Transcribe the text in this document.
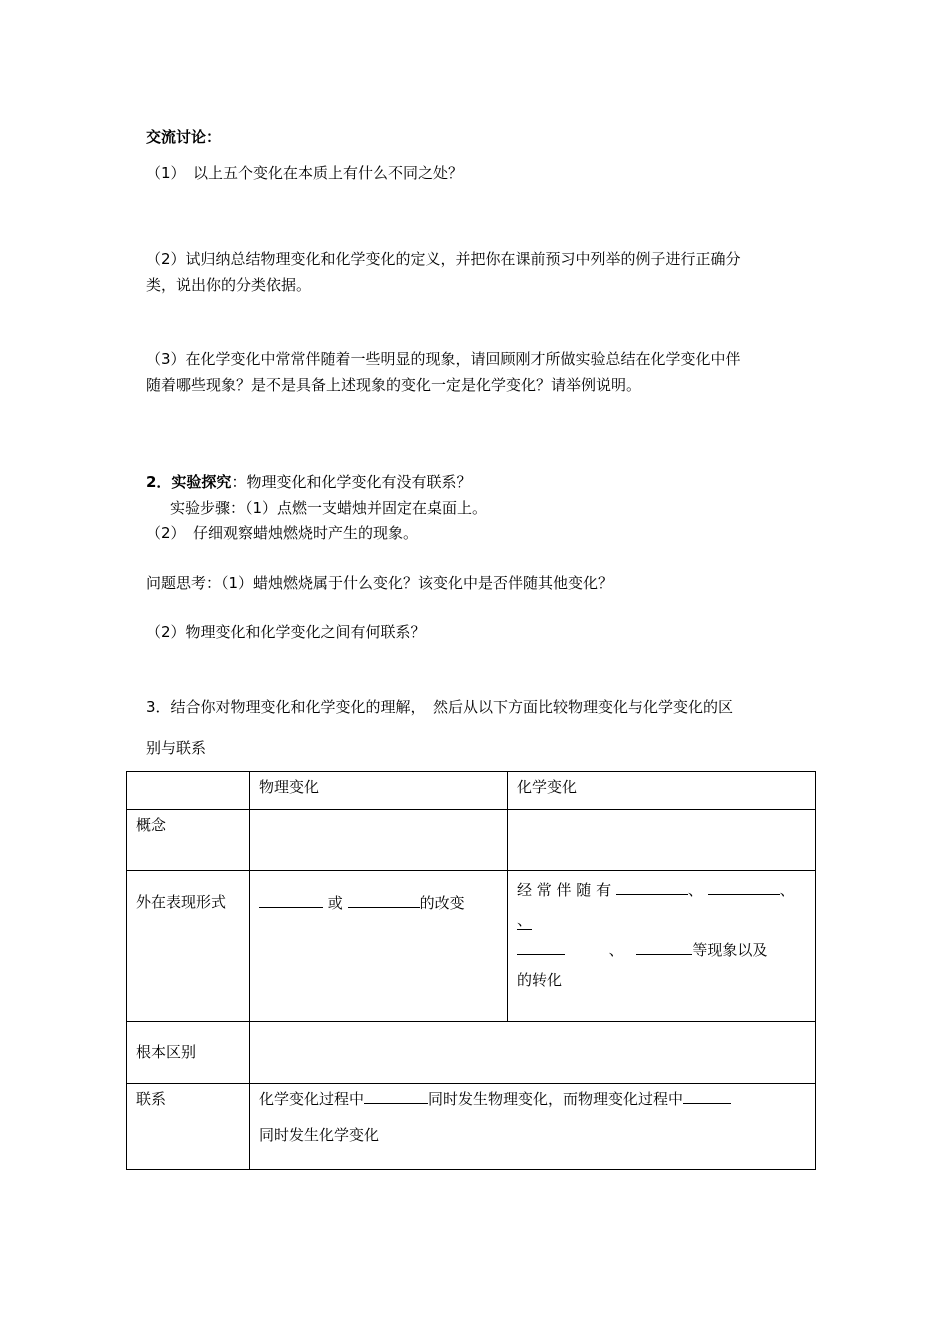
交流讨论：
（1）　以上五个变化在本质上有什么不同之处？
（2）试归纳总结物理变化和化学变化的定义，并把你在课前预习中列举的例子进行正确分
类，说出你的分类依据。
（3）在化学变化中常常伴随着一些明显的现象，请回顾刚才所做实验总结在化学变化中伴
随着哪些现象？是不是具备上述现象的变化一定是化学变化？请举例说明。
2．实验探究：物理变化和化学变化有没有联系？
实验步骤：（1）点燃一支蜡烛并固定在桌面上。
（2）　仔细观察蜡烛燃烧时产生的现象。
问题思考：（1）蜡烛燃烧属于什么变化？该变化中是否伴随其他变化？
（2）物理变化和化学变化之间有何联系？
3．结合你对物理变化和化学变化的理解，　然后从以下方面比较物理变化与化学变化的区
别与联系
	物理变化	化学变化
概念		
外在表现形式	或 的改变	经 常 伴 随 有 、 、
、
、 等现象以及
的转化

根本区别		
联系	化学变化过程中 同时发生物理变化，而物理变化过程中
同时发生化学变化	
